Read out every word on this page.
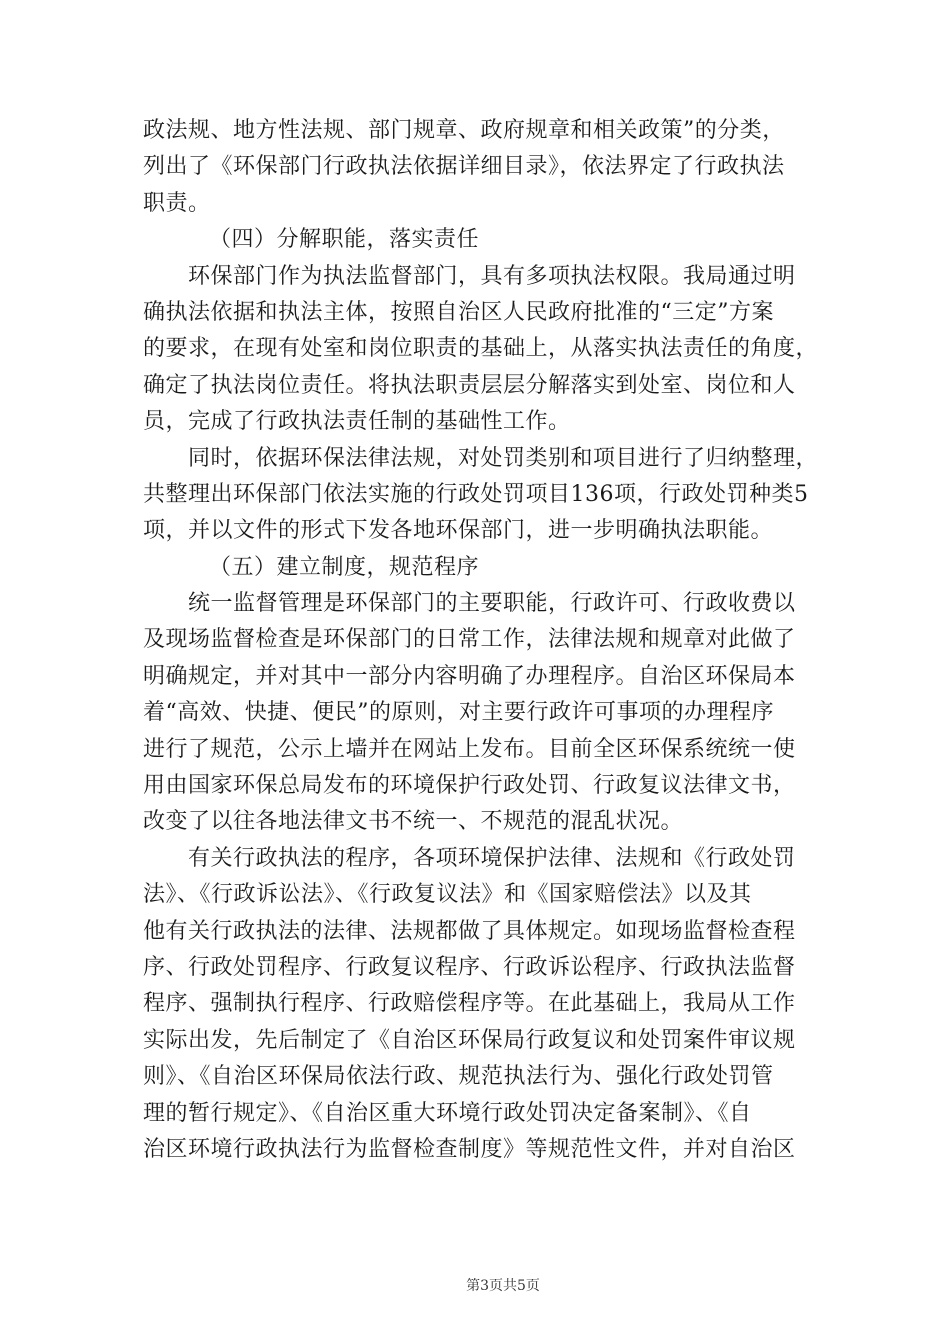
政法规、地方性法规、部门规章、政府规章和相关政策”的分类，
列出了《环保部门行政执法依据详细目录》，依法界定了行政执法
职责。
（四）分解职能，落实责任
　　环保部门作为执法监督部门，具有多项执法权限。我局通过明
确执法依据和执法主体，按照自治区人民政府批准的“三定”方案
的要求，在现有处室和岗位职责的基础上，从落实执法责任的角度，
确定了执法岗位责任。将执法职责层层分解落实到处室、岗位和人
员，完成了行政执法责任制的基础性工作。
　　同时，依据环保法律法规，对处罚类别和项目进行了归纳整理，
共整理出环保部门依法实施的行政处罚项目136项，行政处罚种类5
项，并以文件的形式下发各地环保部门，进一步明确执法职能。
（五）建立制度，规范程序
　　统一监督管理是环保部门的主要职能，行政许可、行政收费以
及现场监督检查是环保部门的日常工作，法律法规和规章对此做了
明确规定，并对其中一部分内容明确了办理程序。自治区环保局本
着“高效、快捷、便民”的原则，对主要行政许可事项的办理程序
进行了规范，公示上墙并在网站上发布。目前全区环保系统统一使
用由国家环保总局发布的环境保护行政处罚、行政复议法律文书，
改变了以往各地法律文书不统一、不规范的混乱状况。
　　有关行政执法的程序，各项环境保护法律、法规和《行政处罚
法》、《行政诉讼法》、《行政复议法》和《国家赔偿法》以及其
他有关行政执法的法律、法规都做了具体规定。如现场监督检查程
序、行政处罚程序、行政复议程序、行政诉讼程序、行政执法监督
程序、强制执行程序、行政赔偿程序等。在此基础上，我局从工作
实际出发，先后制定了《自治区环保局行政复议和处罚案件审议规
则》、《自治区环保局依法行政、规范执法行为、强化行政处罚管
理的暂行规定》、《自治区重大环境行政处罚决定备案制》、《自
治区环境行政执法行为监督检查制度》等规范性文件，并对自治区
第3页共5页
